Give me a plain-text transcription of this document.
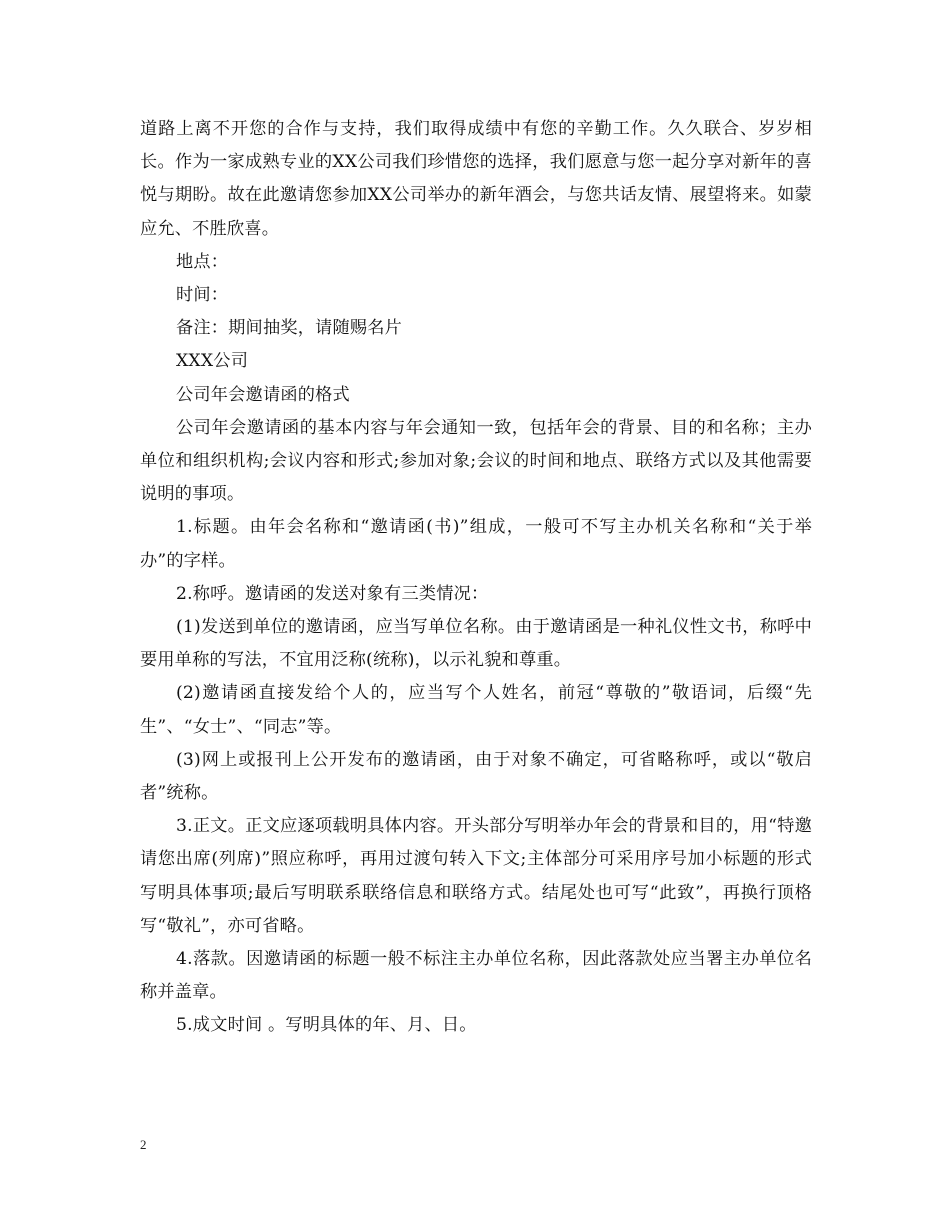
道路上离不开您的合作与支持，我们取得成绩中有您的辛勤工作。久久联合、岁岁相长。作为一家成熟专业的XX公司我们珍惜您的选择，我们愿意与您一起分享对新年的喜悦与期盼。故在此邀请您参加XX公司举办的新年酒会，与您共话友情、展望将来。如蒙应允、不胜欣喜。

地点：

时间：

备注：期间抽奖，请随赐名片

XXX公司

公司年会邀请函的格式

公司年会邀请函的基本内容与年会通知一致，包括年会的背景、目的和名称；主办单位和组织机构;会议内容和形式;参加对象;会议的时间和地点、联络方式以及其他需要说明的事项。

1.标题。由年会名称和“邀请函(书)”组成，一般可不写主办机关名称和“关于举办”的字样。

2.称呼。邀请函的发送对象有三类情况：

(1)发送到单位的邀请函，应当写单位名称。由于邀请函是一种礼仪性文书，称呼中要用单称的写法，不宜用泛称(统称)，以示礼貌和尊重。

(2)邀请函直接发给个人的，应当写个人姓名，前冠“尊敬的”敬语词，后缀“先生”、“女士”、“同志”等。

(3)网上或报刊上公开发布的邀请函，由于对象不确定，可省略称呼，或以“敬启者”统称。

3.正文。正文应逐项载明具体内容。开头部分写明举办年会的背景和目的，用“特邀请您出席(列席)”照应称呼，再用过渡句转入下文;主体部分可采用序号加小标题的形式写明具体事项;最后写明联系联络信息和联络方式。结尾处也可写“此致”，再换行顶格写“敬礼”，亦可省略。

4.落款。因邀请函的标题一般不标注主办单位名称，因此落款处应当署主办单位名称并盖章。

5.成文时间 。写明具体的年、月、日。

2
